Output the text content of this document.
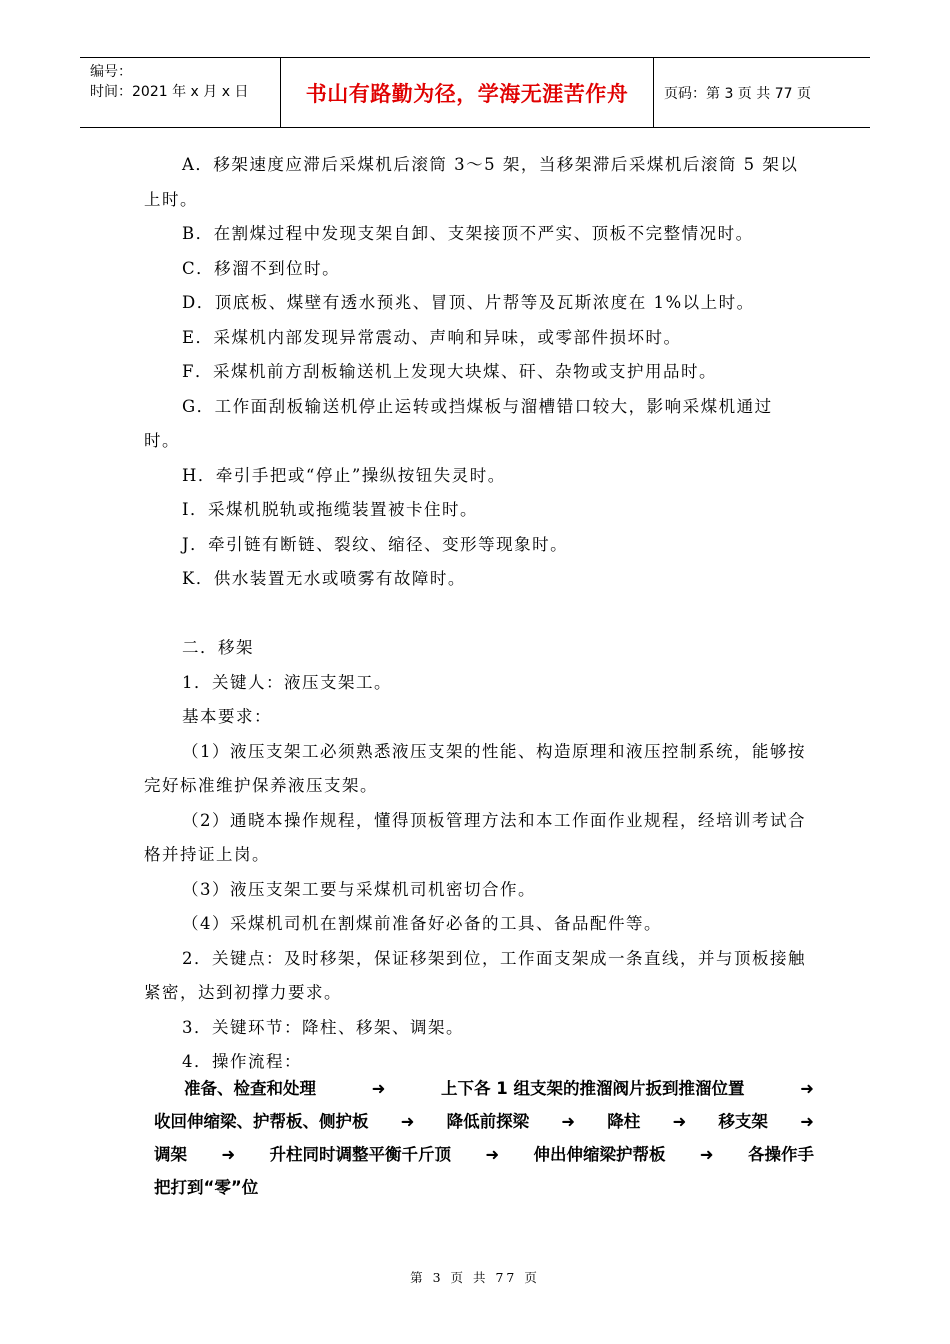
编号：
时间：2021 年 x 月 x 日	书山有路勤为径，学海无涯苦作舟	页码：第 3 页 共 77 页

A．移架速度应滞后采煤机后滚筒 3～5 架，当移架滞后采煤机后滚筒 5 架以上时。

B．在割煤过程中发现支架自卸、支架接顶不严实、顶板不完整情况时。

C．移溜不到位时。

D．顶底板、煤壁有透水预兆、冒顶、片帮等及瓦斯浓度在 1%以上时。

E．采煤机内部发现异常震动、声响和异味，或零部件损坏时。

F．采煤机前方刮板输送机上发现大块煤、矸、杂物或支护用品时。

G．工作面刮板输送机停止运转或挡煤板与溜槽错口较大，影响采煤机通过时。

H．牵引手把或“停止”操纵按钮失灵时。

I．采煤机脱轨或拖缆装置被卡住时。

J．牵引链有断链、裂纹、缩径、变形等现象时。

K．供水装置无水或喷雾有故障时。

二．移架

1．关键人：液压支架工。

基本要求：

（1）液压支架工必须熟悉液压支架的性能、构造原理和液压控制系统，能够按完好标准维护保养液压支架。

（2）通晓本操作规程，懂得顶板管理方法和本工作面作业规程，经培训考试合格并持证上岗。

（3）液压支架工要与采煤机司机密切合作。

（4）采煤机司机在割煤前准备好必备的工具、备品配件等。

2．关键点：及时移架，保证移架到位，工作面支架成一条直线，并与顶板接触紧密，达到初撑力要求。

3．关键环节：降柱、移架、调架。

4．操作流程：

准备、检查和处理	➜	上下各 1 组支架的推溜阀片扳到推溜位置	➜
收回伸缩梁、护帮板、侧护板 ➜ 降低前探梁 ➜ 降柱 ➜ 移支架 ➜
调架 ➜ 升柱同时调整平衡千斤顶 ➜ 伸出伸缩梁护帮板 ➜ 各操作手
把打到“零”位
第 3 页 共 77 页
